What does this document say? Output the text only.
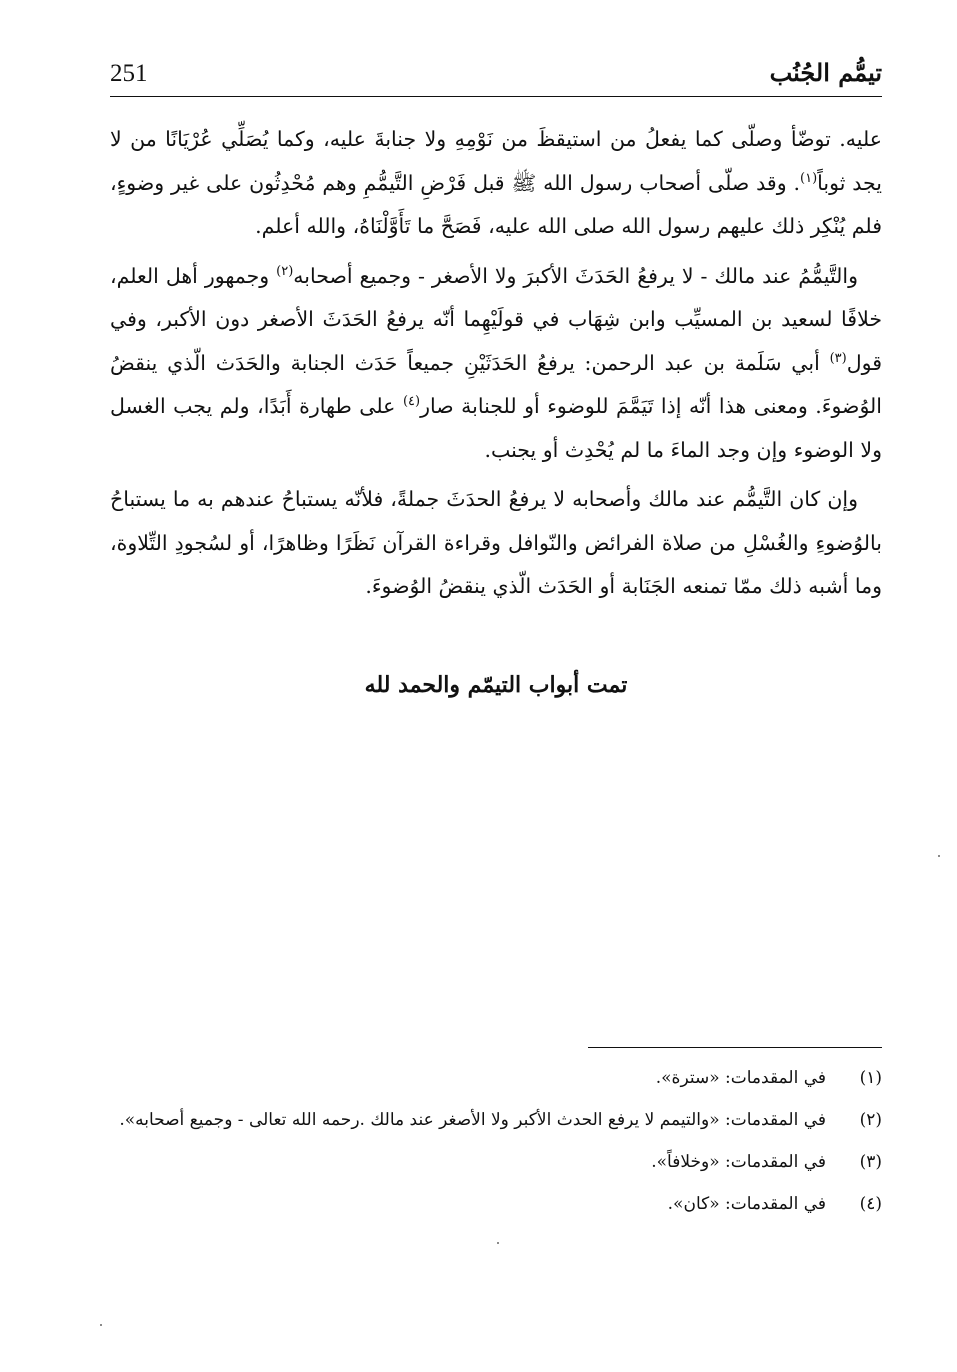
251	تيمُّم الجُنُب

عليه. توضّأ وصلّى كما يفعلُ من استيقظَ من نَوْمِهِ ولا جنابةَ عليه، وكما يُصَلِّي عُرْيَانًا من لا يجد ثوباً$^{(١)}$. وقد صلّى أصحاب رسول الله ﷺ قبل فَرْضِ التَّيمُّمِ وهم مُحْدِثُون على غير وضوءٍ، فلم يُنْكِر ذلك عليهم رسول الله صلى الله عليه، فَصَحَّ ما تَأَوَّلْنَاهُ، والله أعلم.

والتَّيمُّمُ عند مالك - لا يرفعُ الحَدَثَ الأكبرَ ولا الأصغر - وجميع أصحابه$^{(٢)}$ وجمهور أهل العلم، خلافًا لسعيد بن المسيِّب وابن شِهَاب في قولَيْهِما أنّه يرفعُ الحَدَثَ الأصغر دون الأكبر، وفي قول$^{(٣)}$ أبي سَلَمة بن عبد الرحمن: يرفعُ الحَدَثَيْنِ جميعاً حَدَث الجنابة والحَدَث الّذي ينقضُ الوُضوءَ. ومعنى هذا أنّه إذا تَيَمَّمَ للوضوء أو للجنابة صار$^{(٤)}$ على طهارة أَبَدًا، ولم يجب الغسل ولا الوضوء وإن وجد الماءَ ما لم يُحْدِث أو يجنب.

وإن كان التَّيمُّم عند مالك وأصحابه لا يرفعُ الحدَثَ جملةً، فلأنّه يستباحُ عندهم به ما يستباحُ بالوُضوءِ والغُسْلِ من صلاة الفرائض والنّوافل وقراءة القرآن نَظَرًا وظاهرًا، أو لسُجودِ التِّلاوة، وما أشبه ذلك ممّا تمنعه الجَنَابة أو الحَدَث الّذي ينقضُ الوُضوءَ.

تمت أبواب التيمّم والحمد لله
(١)
في المقدمات: «سترة».
(٢)
في المقدمات: «والتيمم لا يرفع الحدث الأكبر ولا الأصغر عند مالك .رحمه الله تعالى - وجميع أصحابه».
(٣)
في المقدمات: «وخلافاً».
(٤)
في المقدمات: «كان».
